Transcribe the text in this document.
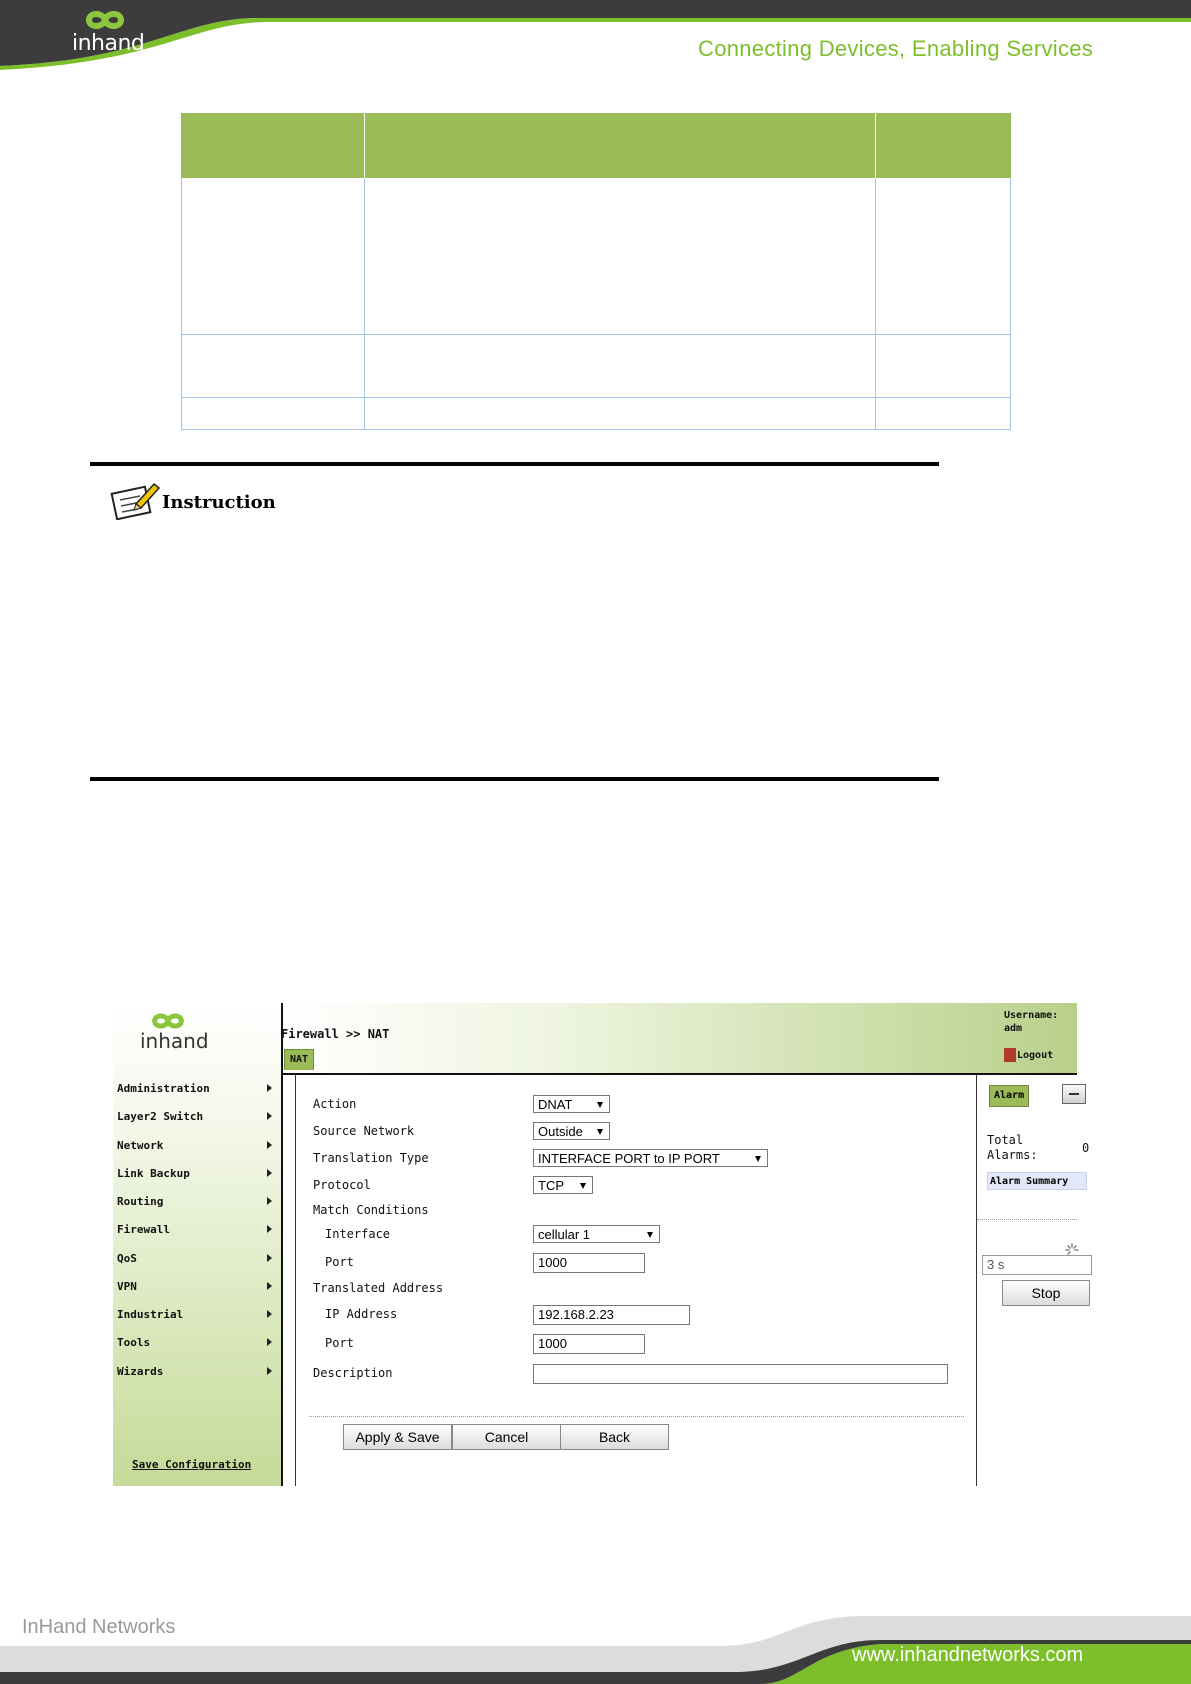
inhand	Connecting Devices, Enabling Services
Instruction
inhand
Administration
Layer2 Switch
Network
Link Backup
Routing
Firewall
QoS
VPN
Industrial
Tools
Wizards
Save Configuration
Firewall >> NAT
NAT
Username:
adm
Logout
Action	DNAT
Source Network	Outside
Translation Type	INTERFACE PORT to IP PORT
Protocol	TCP
Match Conditions
Interface	cellular 1
Port	1000
Translated Address
IP Address	192.168.2.23
Port	1000
Description
Apply & Save	Cancel	Back
Alarm
Total Alarms:	0
Alarm Summary
3 s
Stop
InHand Networks
www.inhandnetworks.com
